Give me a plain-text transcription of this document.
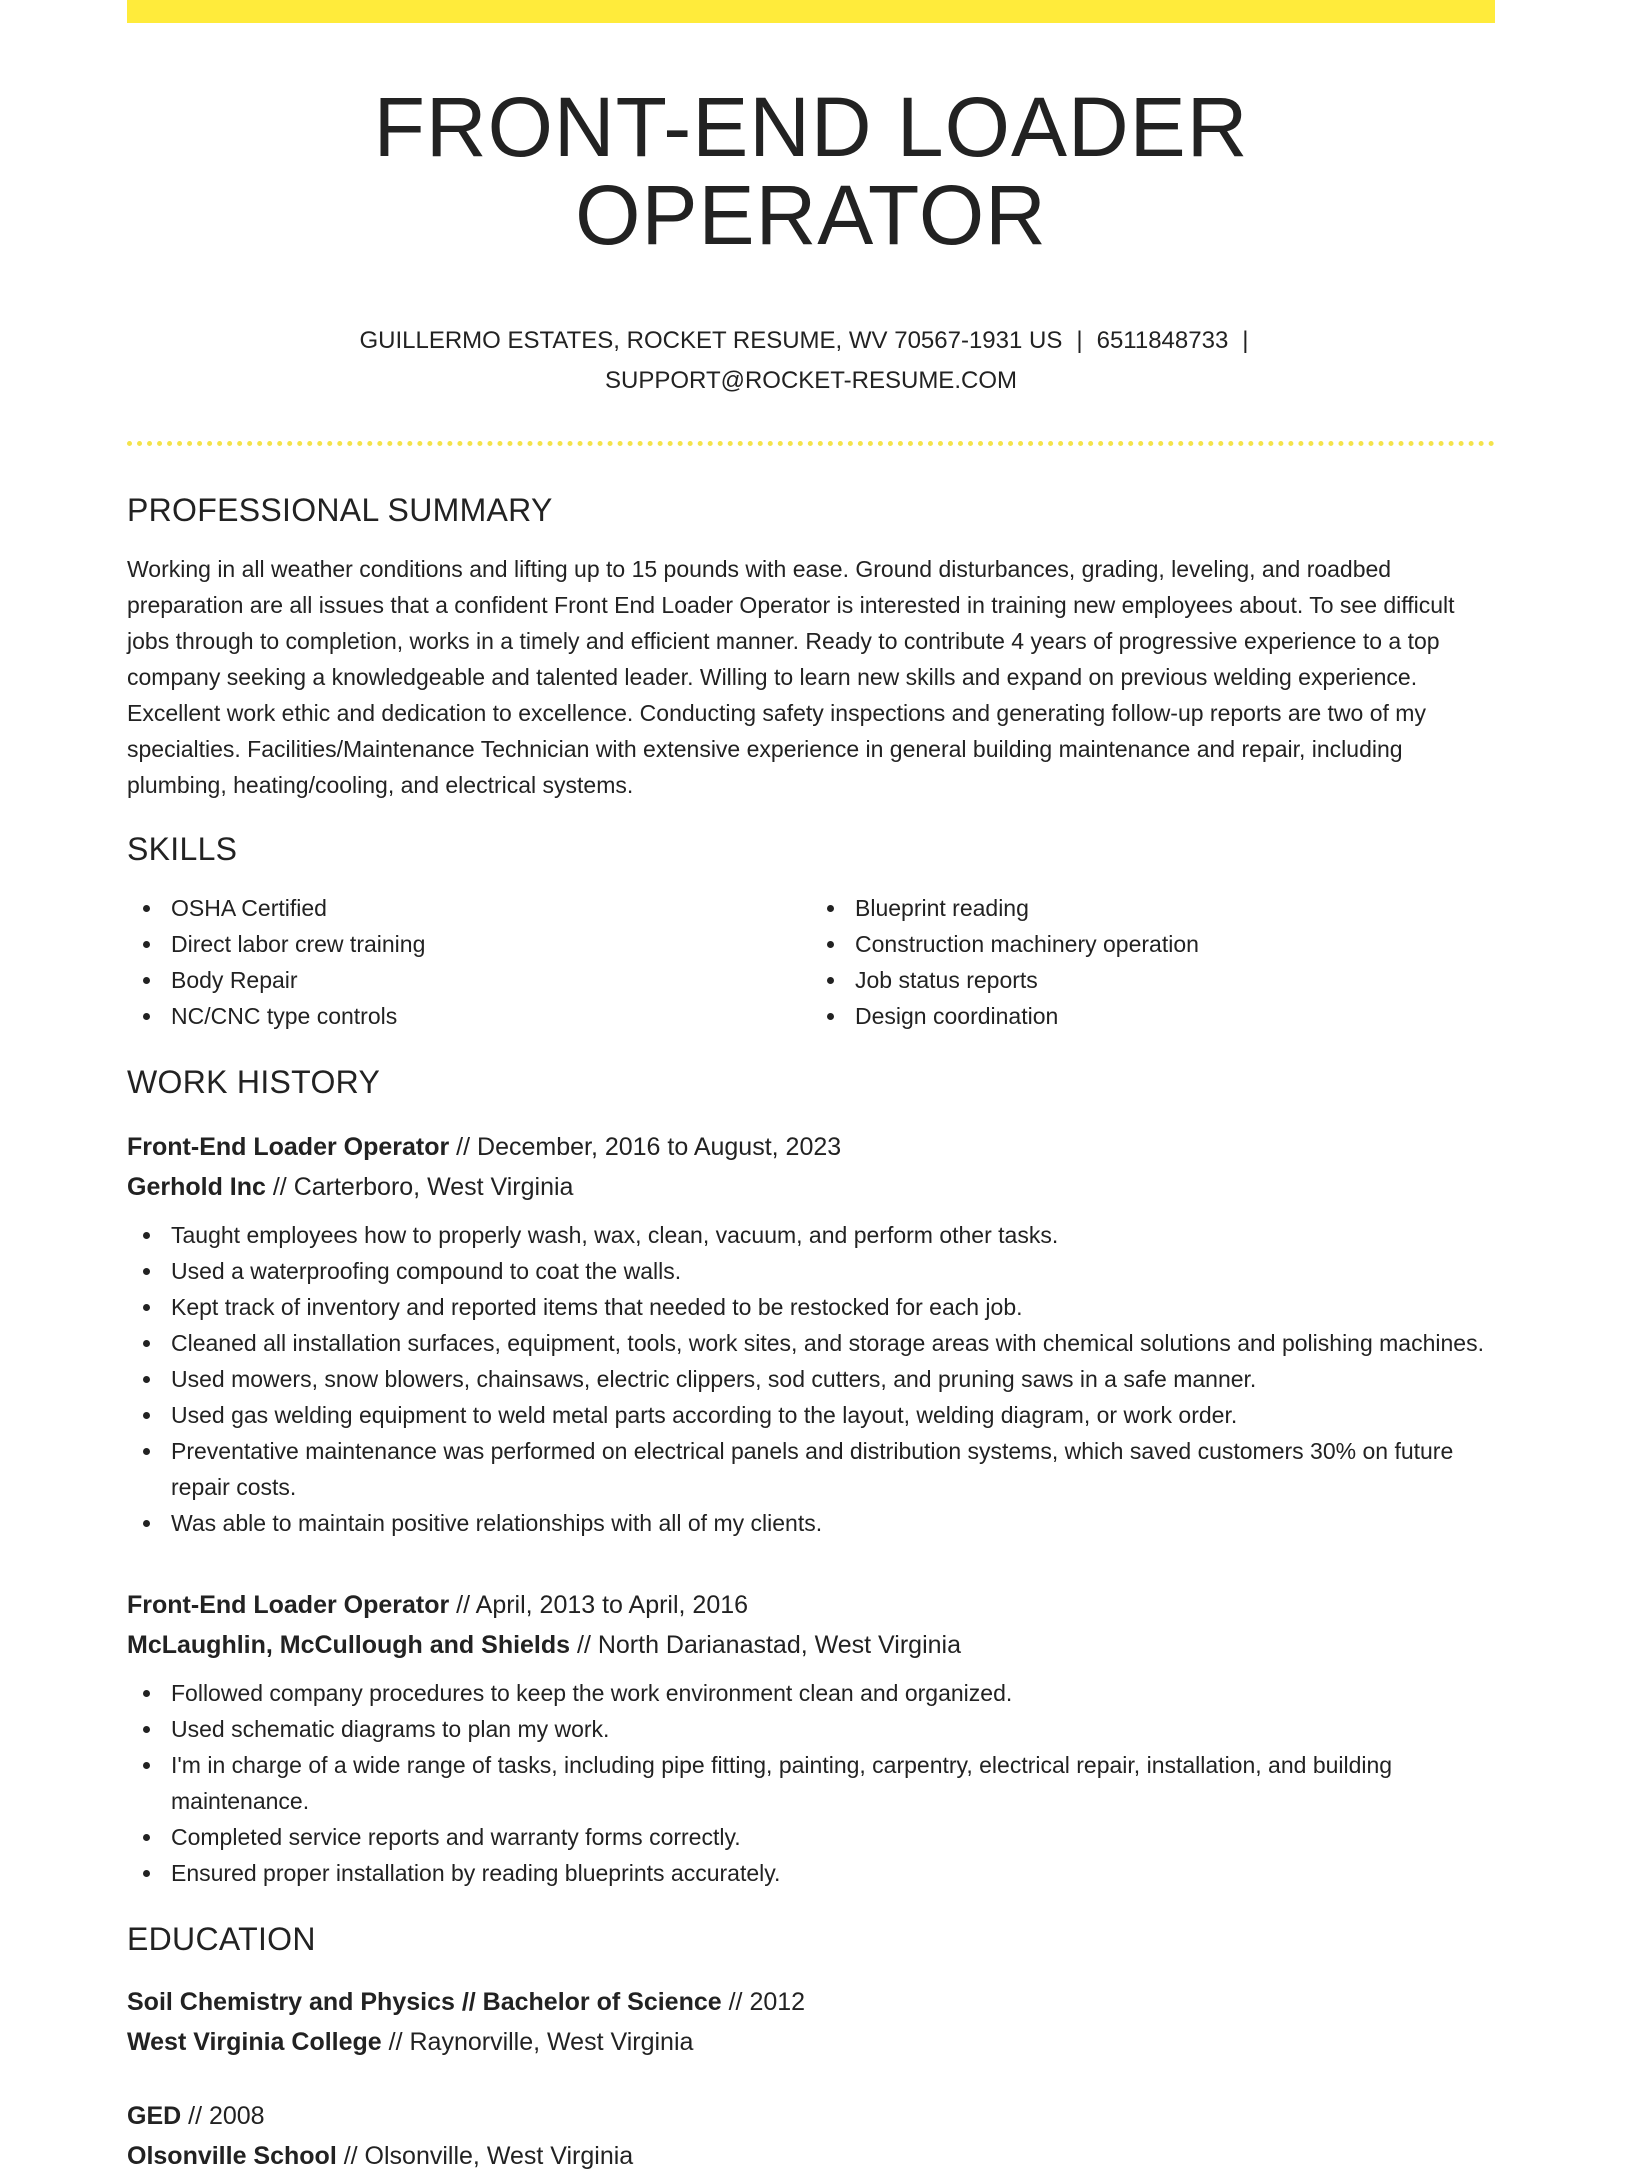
FRONT-END LOADER OPERATOR
GUILLERMO ESTATES, ROCKET RESUME, WV 70567-1931 US | 6511848733 |
SUPPORT@ROCKET-RESUME.COM
PROFESSIONAL SUMMARY

Working in all weather conditions and lifting up to 15 pounds with ease. Ground disturbances, grading, leveling, and roadbed preparation are all issues that a confident Front End Loader Operator is interested in training new employees about. To see difficult jobs through to completion, works in a timely and efficient manner. Ready to contribute 4 years of progressive experience to a top company seeking a knowledgeable and talented leader. Willing to learn new skills and expand on previous welding experience. Excellent work ethic and dedication to excellence. Conducting safety inspections and generating follow-up reports are two of my specialties. Facilities/Maintenance Technician with extensive experience in general building maintenance and repair, including plumbing, heating/cooling, and electrical systems.

SKILLS
OSHA Certified
Direct labor crew training
Body Repair
NC/CNC type controls
Blueprint reading
Construction machinery operation
Job status reports
Design coordination
WORK HISTORY
Front-End Loader Operator // December, 2016 to August, 2023
Gerhold Inc // Carterboro, West Virginia
Taught employees how to properly wash, wax, clean, vacuum, and perform other tasks.
Used a waterproofing compound to coat the walls.
Kept track of inventory and reported items that needed to be restocked for each job.
Cleaned all installation surfaces, equipment, tools, work sites, and storage areas with chemical solutions and polishing machines.
Used mowers, snow blowers, chainsaws, electric clippers, sod cutters, and pruning saws in a safe manner.
Used gas welding equipment to weld metal parts according to the layout, welding diagram, or work order.
Preventative maintenance was performed on electrical panels and distribution systems, which saved customers 30% on future repair costs.
Was able to maintain positive relationships with all of my clients.
Front-End Loader Operator // April, 2013 to April, 2016
McLaughlin, McCullough and Shields // North Darianastad, West Virginia
Followed company procedures to keep the work environment clean and organized.
Used schematic diagrams to plan my work.
I'm in charge of a wide range of tasks, including pipe fitting, painting, carpentry, electrical repair, installation, and building maintenance.
Completed service reports and warranty forms correctly.
Ensured proper installation by reading blueprints accurately.
EDUCATION
Soil Chemistry and Physics // Bachelor of Science // 2012
West Virginia College // Raynorville, West Virginia
GED // 2008
Olsonville School // Olsonville, West Virginia
